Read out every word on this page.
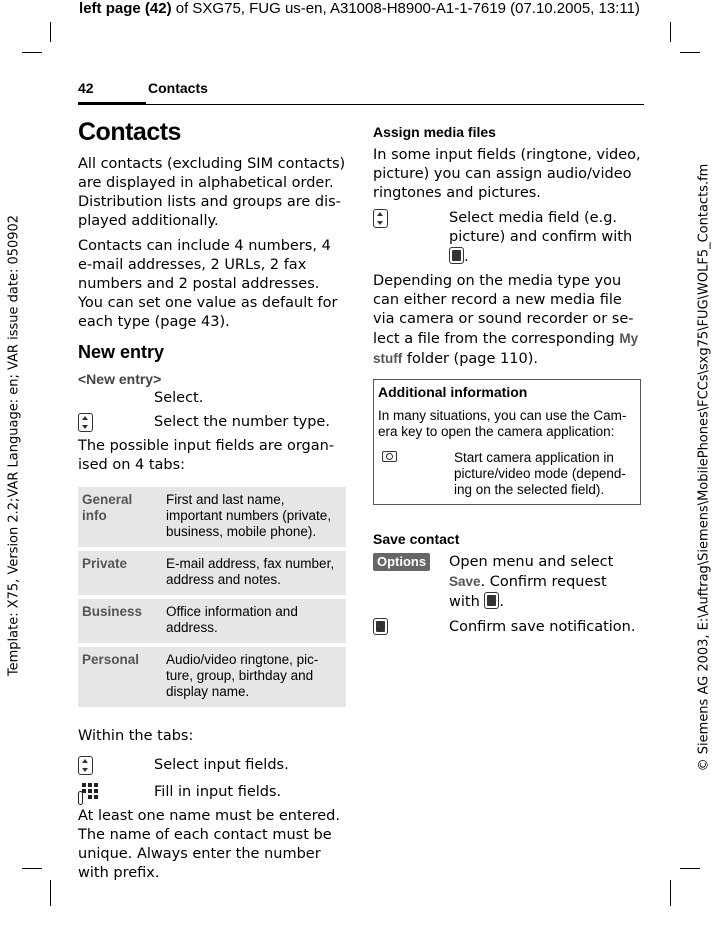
left page (42) of SXG75, FUG us-en, A31008-H8900-A1-1-7619 (07.10.2005, 13:11)
Template: X75, Version 2.2;VAR Language: en; VAR issue date: 050902	© Siemens AG 2003, E:\Auftrag\Siemens\MobilePhones\FCCs\sxg75\FUG\WOLF5_Contacts.fm
42	Contacts
Contacts

All contacts (excluding SIM contacts) are displayed in alphabetical order. Distribution lists and groups are dis-played additionally.

Contacts can include 4 numbers, 4 e-mail addresses, 2 URLs, 2 fax numbers and 2 postal addresses. You can set one value as default for each type (page 43).

New entry
<New entry>
Select.
Select the number type.

The possible input fields are organ-ised on 4 tabs:

General info	First and last name, important numbers (private, business, mobile phone).
Private	E-mail address, fax number, address and notes.
Business	Office information and address.
Personal	Audio/video ringtone, pic-ture, group, birthday and display name.

Within the tabs:

Select input fields.
Fill in input fields.

At least one name must be entered. The name of each contact must be unique. Always enter the number with prefix.

Assign media files

In some input fields (ringtone, video, picture) you can assign audio/video ringtones and pictures.

Select media field (e.g. picture) and confirm with .

Depending on the media type you can either record a new media file via camera or sound recorder or se-lect a file from the corresponding My stuff folder (page 110).

Additional information
In many situations, you can use the Cam-era key to open the camera application:
Start camera application in picture/video mode (depend-ing on the selected field).
Save contact
Options	Open menu and select Save. Confirm request with .
Confirm save notification.
